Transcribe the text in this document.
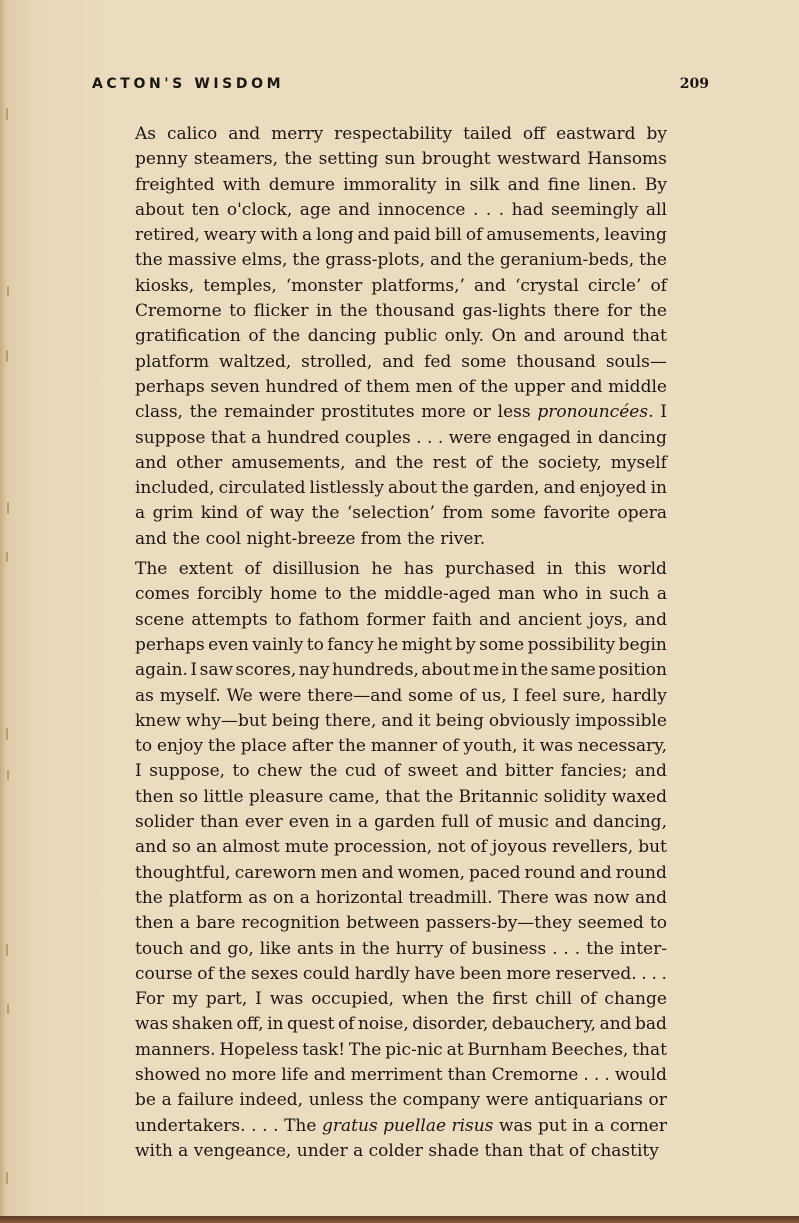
ACTON'S WISDOM	209
As calico and merry respectability tailed off eastward by
penny steamers, the setting sun brought westward Hansoms
freighted with demure immorality in silk and fine linen. By
about ten o'clock, age and innocence . . . had seemingly all
retired, weary with a long and paid bill of amusements, leaving
the massive elms, the grass-plots, and the geranium-beds, the
kiosks, temples, ‘monster platforms,’ and ‘crystal circle’ of
Cremorne to flicker in the thousand gas-lights there for the
gratification of the dancing public only. On and around that
platform waltzed, strolled, and fed some thousand souls—
perhaps seven hundred of them men of the upper and middle
class, the remainder prostitutes more or less pronouncées. I
suppose that a hundred couples . . . were engaged in dancing
and other amusements, and the rest of the society, myself
included, circulated listlessly about the garden, and enjoyed in
a grim kind of way the ‘selection’ from some favorite opera
and the cool night-breeze from the river.
The extent of disillusion he has purchased in this world
comes forcibly home to the middle-aged man who in such a
scene attempts to fathom former faith and ancient joys, and
perhaps even vainly to fancy he might by some possibility begin
again. I saw scores, nay hundreds, about me in the same position
as myself. We were there—and some of us, I feel sure, hardly
knew why—but being there, and it being obviously impossible
to enjoy the place after the manner of youth, it was necessary,
I suppose, to chew the cud of sweet and bitter fancies; and
then so little pleasure came, that the Britannic solidity waxed
solider than ever even in a garden full of music and dancing,
and so an almost mute procession, not of joyous revellers, but
thoughtful, careworn men and women, paced round and round
the platform as on a horizontal treadmill. There was now and
then a bare recognition between passers-by—they seemed to
touch and go, like ants in the hurry of business . . . the inter-
course of the sexes could hardly have been more reserved. . . .
For my part, I was occupied, when the first chill of change
was shaken off, in quest of noise, disorder, debauchery, and bad
manners. Hopeless task! The pic-nic at Burnham Beeches, that
showed no more life and merriment than Cremorne . . . would
be a failure indeed, unless the company were antiquarians or
undertakers. . . . The gratus puellae risus was put in a corner
with a vengeance, under a colder shade than that of chastity
